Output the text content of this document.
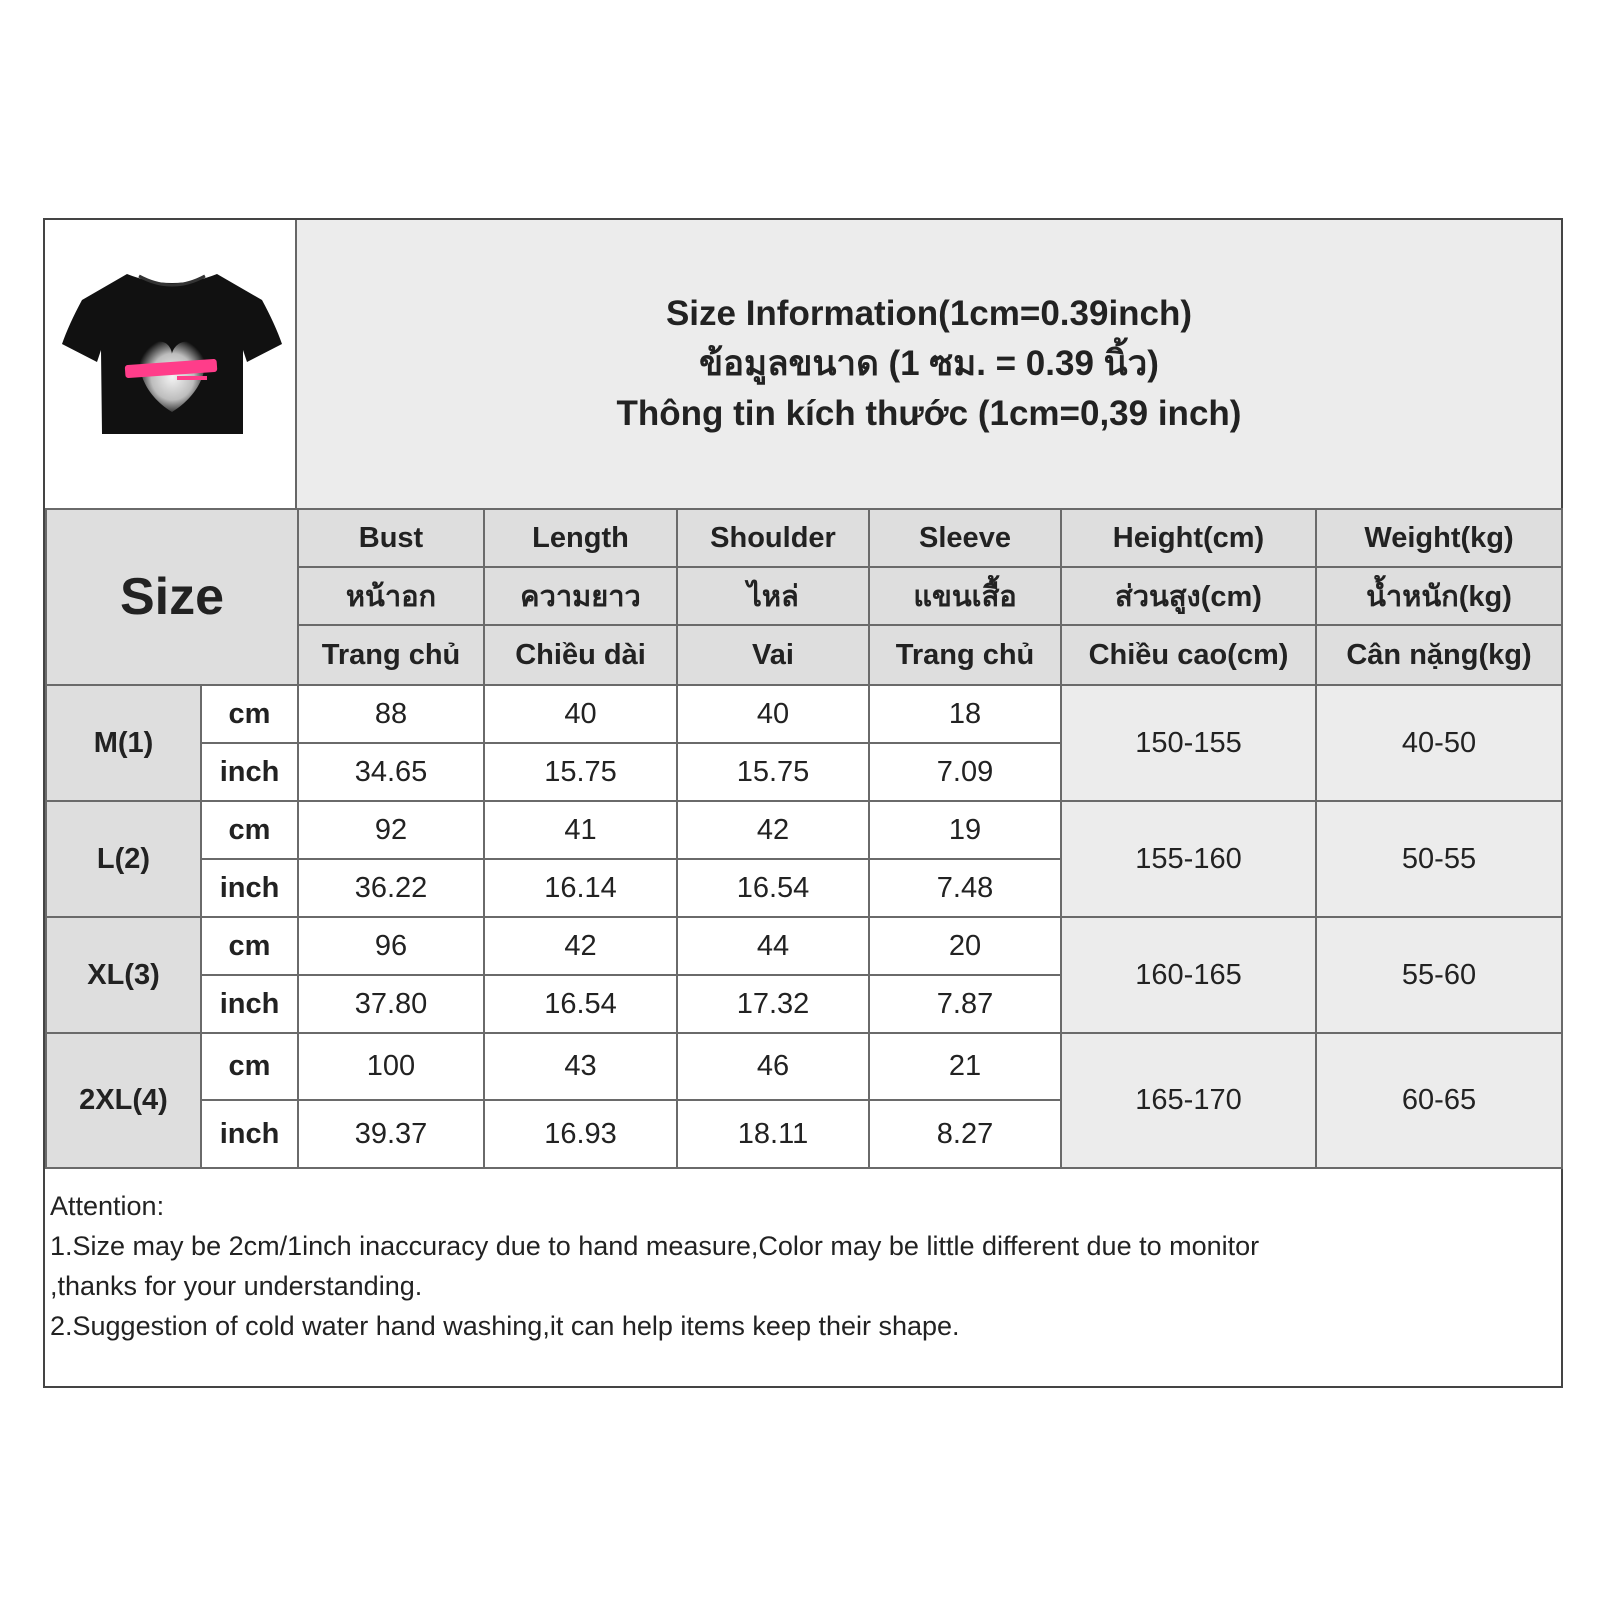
Size Information(1cm=0.39inch)
ข้อมูลขนาด (1 ซม. = 0.39 นิ้ว)
Thông tin kích thước (1cm=0,39 inch)
Size		Bust	Length	Shoulder	Sleeve	Height(cm)	Weight(kg)
		หน้าอก	ความยาว	ไหล่	แขนเสื้อ	ส่วนสูง(cm)	น้ำหนัก(kg)
		Trang chủ	Chiều dài	Vai	Trang chủ	Chiều cao(cm)	Cân nặng(kg)
M(1)	cm	88	40	40	18	150-155	40-50
	inch	34.65	15.75	15.75	7.09		
L(2)	cm	92	41	42	19	155-160	50-55
	inch	36.22	16.14	16.54	7.48		
XL(3)	cm	96	42	44	20	160-165	55-60
	inch	37.80	16.54	17.32	7.87		
2XL(4)	cm	100	43	46	21	165-170	60-65
	inch	39.37	16.93	18.11	8.27		
Attention:
1.Size may be 2cm/1inch inaccuracy due to hand measure,Color may be little different due to monitor
,thanks for your understanding.
2.Suggestion of cold water hand washing,it can help items keep their shape.
